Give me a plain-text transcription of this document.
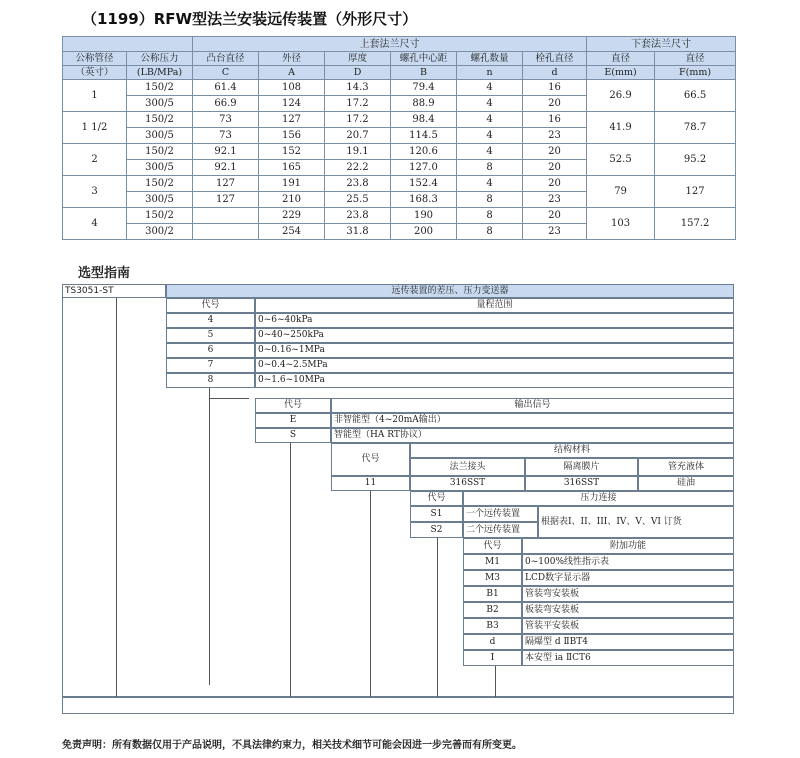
（1199）RFW型法兰安装远传装置（外形尺寸）
		上套法兰尺寸						下套法兰尺寸	
公称管径	公称压力	凸台直径	外径	厚度	螺孔中心距	螺孔数量	栓孔直径	直径	直径
（英寸）	(LB/MPa)	C	A	D	B	n	d	E(mm)	F(mm)
1	150/2	61.4	108	14.3	79.4	4	16	26.9	66.5
	300/5	66.9	124	17.2	88.9	4	20		
1 1/2	150/2	73	127	17.2	98.4	4	16	41.9	78.7
	300/5	73	156	20.7	114.5	4	23		
2	150/2	92.1	152	19.1	120.6	4	20	52.5	95.2
	300/5	92.1	165	22.2	127.0	8	20		
3	150/2	127	191	23.8	152.4	4	20	79	127
	300/5	127	210	25.5	168.3	8	23		
4	150/2		229	23.8	190	8	20	103	157.2
	300/2		254	31.8	200	8	23		
选型指南
TS3051-ST	远传装置的差压、压力变送器
代号	量程范围
4	0~6~40kPa
5	0~40~250kPa
6	0~0.16~1MPa
7	0~0.4~2.5MPa
8	0~1.6~10MPa
代号	输出信号
E	非智能型（4~20mA输出）
S	智能型（HA RT协议）
代号
结构材料
法兰接头	隔离膜片	管充液体
11	316SST	316SST	硅油
代号	压力连接
根据表I、II、III、IV、V、VI 订货
S1	一个远传装置
S2	二个远传装置
代号	附加功能
M1	0~100%线性指示表
M3	LCD数字显示器
B1	管装弯安装板
B2	板装弯安装板
B3	管装平安装板
d	隔爆型 d ⅡBT4
I	本安型 ia ⅡCT6
免责声明：所有数据仅用于产品说明，不具法律约束力，相关技术细节可能会因进一步完善而有所变更。
